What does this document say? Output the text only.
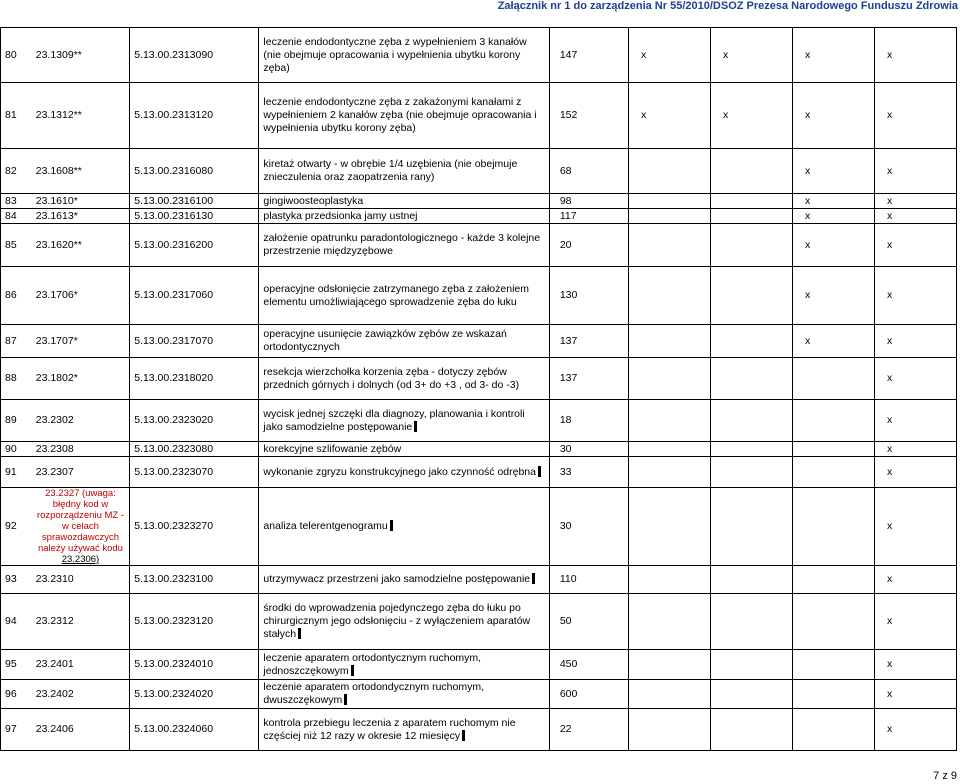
Załącznik nr 1 do zarządzenia Nr 55/2010/DSOZ Prezesa Narodowego Funduszu Zdrowia
80	23.1309**	5.13.00.2313090	leczenie endodontyczne zęba z wypełnieniem 3 kanałów (nie obejmuje opracowania i wypełnienia ubytku korony zęba)	147	x	x	x	x
81	23.1312**	5.13.00.2313120	leczenie endodontyczne zęba z zakażonymi kanałami z wypełnieniem 2 kanałów zęba (nie obejmuje opracowania i wypełnienia ubytku korony zęba)	152	x	x	x	x
82	23.1608**	5.13.00.2316080	kiretaż otwarty - w obrębie 1/4 uzębienia (nie obejmuje znieczulenia oraz zaopatrzenia rany)	68			x	x
83	23.1610*	5.13.00.2316100	gingiwoosteoplastyka	98			x	x
84	23.1613*	5.13.00.2316130	plastyka przedsionka jamy ustnej	117			x	x
85	23.1620**	5.13.00.2316200	założenie opatrunku paradontologicznego - każde 3 kolejne przestrzenie międzyzębowe	20			x	x
86	23.1706*	5.13.00.2317060	operacyjne odsłonięcie zatrzymanego zęba z założeniem elementu umożliwiającego sprowadzenie zęba do łuku	130			x	x
87	23.1707*	5.13.00.2317070	operacyjne usunięcie zawiązków zębów ze wskazań ortodontycznych	137			x	x
88	23.1802*	5.13.00.2318020	resekcja wierzchołka korzenia zęba - dotyczy zębów przednich górnych i dolnych (od 3+ do +3 , od 3- do -3)	137				x
89	23.2302	5.13.00.2323020	wycisk jednej szczęki dla diagnozy, planowania i kontroli jako samodzielne postępowanie	18				x
90	23.2308	5.13.00.2323080	korekcyjne szlifowanie zębów	30				x
91	23.2307	5.13.00.2323070	wykonanie zgryzu konstrukcyjnego jako czynność odrębna	33				x
92	23.2327 (uwaga: błędny kod w rozporządzeniu MZ - w celach sprawozdawczych należy używać kodu
23.2306)	5.13.00.2323270	analiza telerentgenogramu	30				x
93	23.2310	5.13.00.2323100	utrzymywacz przestrzeni jako samodzielne postępowanie	110				x
94	23.2312	5.13.00.2323120	środki do wprowadzenia pojedynczego zęba do łuku po chirurgicznym jego odsłonięciu - z wyłączeniem aparatów stałych	50				x
95	23.2401	5.13.00.2324010	leczenie aparatem ortodontycznym ruchomym, jednoszczękowym	450				x
96	23.2402	5.13.00.2324020	leczenie aparatem ortodondycznym ruchomym, dwuszczękowym	600				x
97	23.2406	5.13.00.2324060	kontrola przebiegu leczenia z aparatem ruchomym nie częściej niż 12 razy w okresie 12 miesięcy	22				x
7 z 9
